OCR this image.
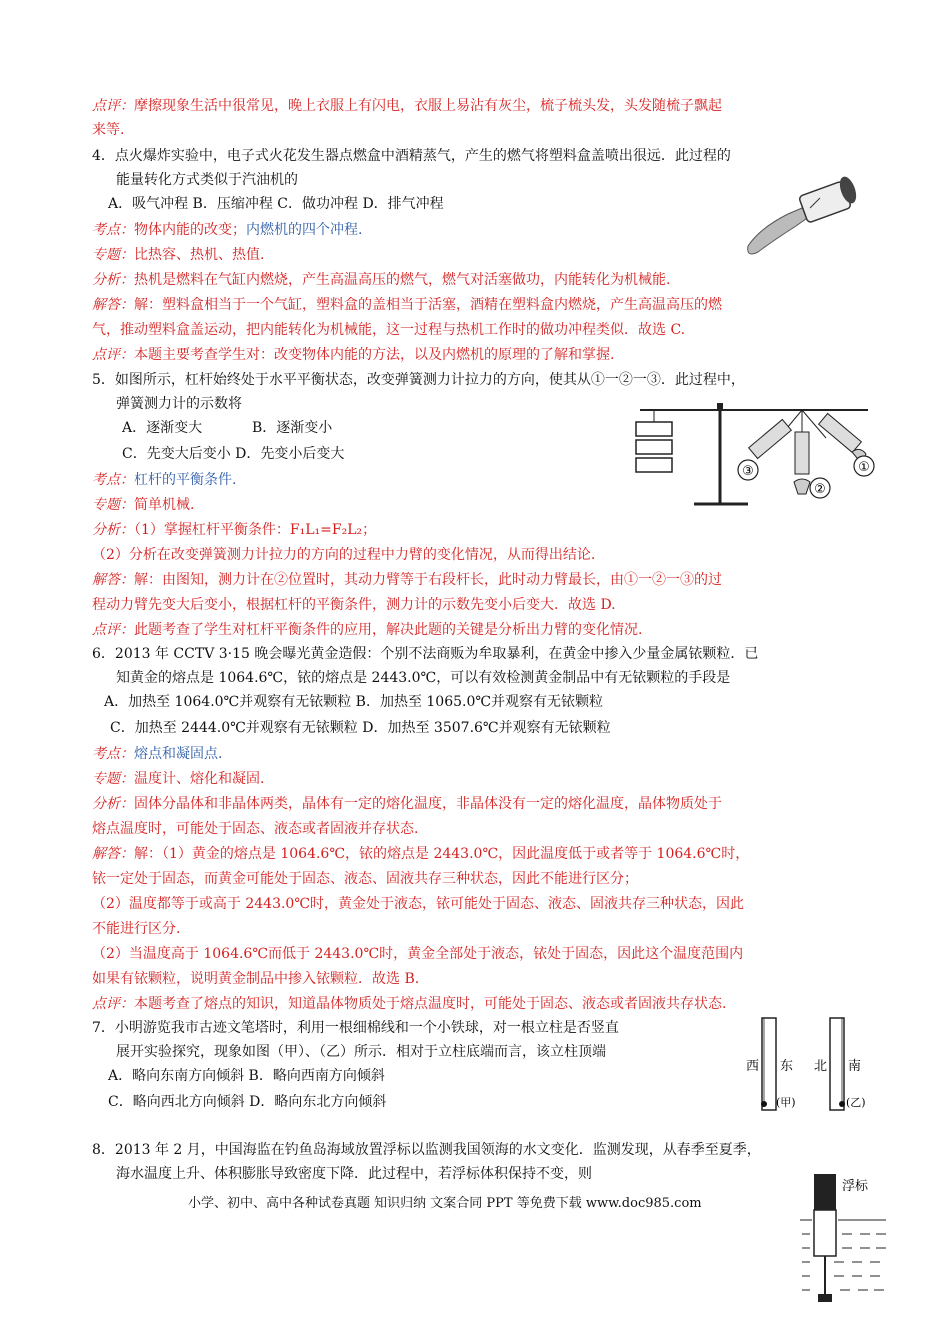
点评：摩擦现象生活中很常见，晚上衣服上有闪电，衣服上易沾有灰尘，梳子梳头发，头发随梳子飘起
来等.
4．点火爆炸实验中，电子式火花发生器点燃盒中酒精蒸气，产生的燃气将塑料盒盖喷出很远．此过程的
能量转化方式类似于汽油机的
A．吸气冲程 B．压缩冲程 C．做功冲程 D．排气冲程
考点：物体内能的改变；内燃机的四个冲程.
专题：比热容、热机、热值.
分析：热机是燃料在气缸内燃烧，产生高温高压的燃气，燃气对活塞做功，内能转化为机械能.
解答：解：塑料盒相当于一个气缸，塑料盒的盖相当于活塞，酒精在塑料盒内燃烧，产生高温高压的燃
气，推动塑料盒盖运动，把内能转化为机械能，这一过程与热机工作时的做功冲程类似．故选 C.
点评：本题主要考查学生对：改变物体内能的方法，以及内燃机的原理的了解和掌握.
5．如图所示，杠杆始终处于水平平衡状态，改变弹簧测力计拉力的方向，使其从①一②一③．此过程中，
弹簧测力计的示数将
A．逐渐变大	B．逐渐变小
C．先变大后变小 D．先变小后变大
考点：杠杆的平衡条件.
专题：简单机械.
分析：（1）掌握杠杆平衡条件：F₁L₁=F₂L₂；
（2）分析在改变弹簧测力计拉力的方向的过程中力臂的变化情况，从而得出结论.
解答：解：由图知，测力计在②位置时，其动力臂等于右段杆长，此时动力臂最长，由①一②一③的过
程动力臂先变大后变小，根据杠杆的平衡条件，测力计的示数先变小后变大．故选 D.
点评：此题考查了学生对杠杆平衡条件的应用，解决此题的关键是分析出力臂的变化情况.
③
②
①
6．2013 年 CCTV 3·15 晚会曝光黄金造假：个别不法商贩为牟取暴利，在黄金中掺入少量金属铱颗粒．已
知黄金的熔点是 1064.6℃，铱的熔点是 2443.0℃，可以有效检测黄金制品中有无铱颗粒的手段是
A．加热至 1064.0℃并观察有无铱颗粒 B．加热至 1065.0℃并观察有无铱颗粒
C．加热至 2444.0℃并观察有无铱颗粒 D．加热至 3507.6℃并观察有无铱颗粒
考点：熔点和凝固点.
专题：温度计、熔化和凝固.
分析：固体分晶体和非晶体两类，晶体有一定的熔化温度，非晶体没有一定的熔化温度，晶体物质处于
熔点温度时，可能处于固态、液态或者固液并存状态.
解答：解：（1）黄金的熔点是 1064.6℃，铱的熔点是 2443.0℃，因此温度低于或者等于 1064.6℃时，
铱一定处于固态，而黄金可能处于固态、液态、固液共存三种状态，因此不能进行区分；
（2）温度都等于或高于 2443.0℃时，黄金处于液态，铱可能处于固态、液态、固液共存三种状态，因此
不能进行区分.
（2）当温度高于 1064.6℃而低于 2443.0℃时，黄金全部处于液态，铱处于固态，因此这个温度范围内
如果有铱颗粒，说明黄金制品中掺入铱颗粒．故选 B.
点评：本题考查了熔点的知识，知道晶体物质处于熔点温度时，可能处于固态、液态或者固液共存状态.
7．小明游览我市古迹文笔塔时，利用一根细棉线和一个小铁球，对一根立柱是否竖直
展开实验探究，现象如图（甲）、（乙）所示．相对于立柱底端而言，该立柱顶端
A．略向东南方向倾斜 B．略向西南方向倾斜
C．略向西北方向倾斜 D．略向东北方向倾斜
西 东
(甲)
北 南
(乙)
8．2013 年 2 月，中国海监在钓鱼岛海域放置浮标以监测我国领海的水文变化．监测发现，从春季至夏季，
海水温度上升、体积膨胀导致密度下降．此过程中，若浮标体积保持不变，则
浮标
小学、初中、高中各种试卷真题 知识归纳 文案合同 PPT 等免费下载 www.doc985.com
